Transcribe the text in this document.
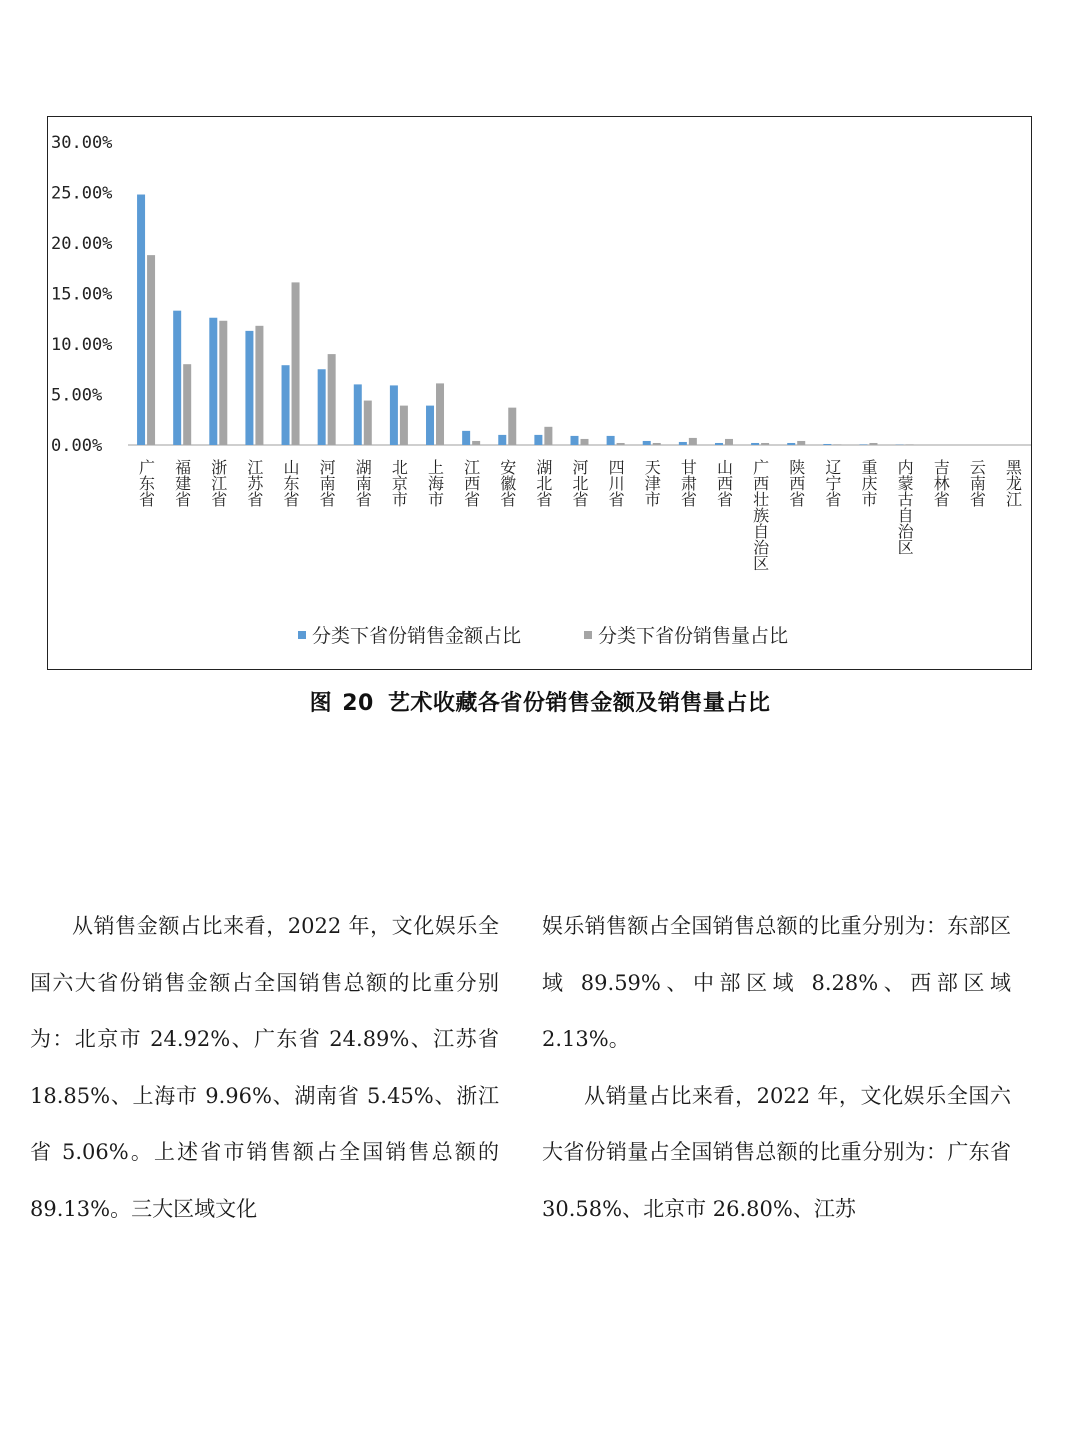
0.00%
5.00%
10.00%
15.00%
20.00%
25.00%
30.00%
广东省 福建省 浙江省 江苏省 山东省 河南省 湖南省 北京市 上海市 江西省 安徽省 湖北省 河北省 四川省 天津市 甘肃省 山西省 广西壮族自治区 陕西省 辽宁省 重庆市 内蒙古自治区 吉林省 云南省 黑龙江
分类下省份销售金额占比	分类下省份销售量占比
图 20 艺术收藏各省份销售金额及销售量占比

从销售金额占比来看，2022 年，文化娱乐全国六大省份销售金额占全国销售总额的比重分别为：北京市 24.92%、广东省 24.89%、江苏省 18.85%、上海市 9.96%、湖南省 5.45%、浙江省 5.06%。上述省市销售额占全国销售总额的 89.13%。三大区域文化

娱乐销售额占全国销售总额的比重分别为：东部区域 89.59%、中部区域 8.28%、西部区域 2.13%。

从销量占比来看，2022 年，文化娱乐全国六大省份销量占全国销售总额的比重分别为：广东省 30.58%、北京市 26.80%、江苏
